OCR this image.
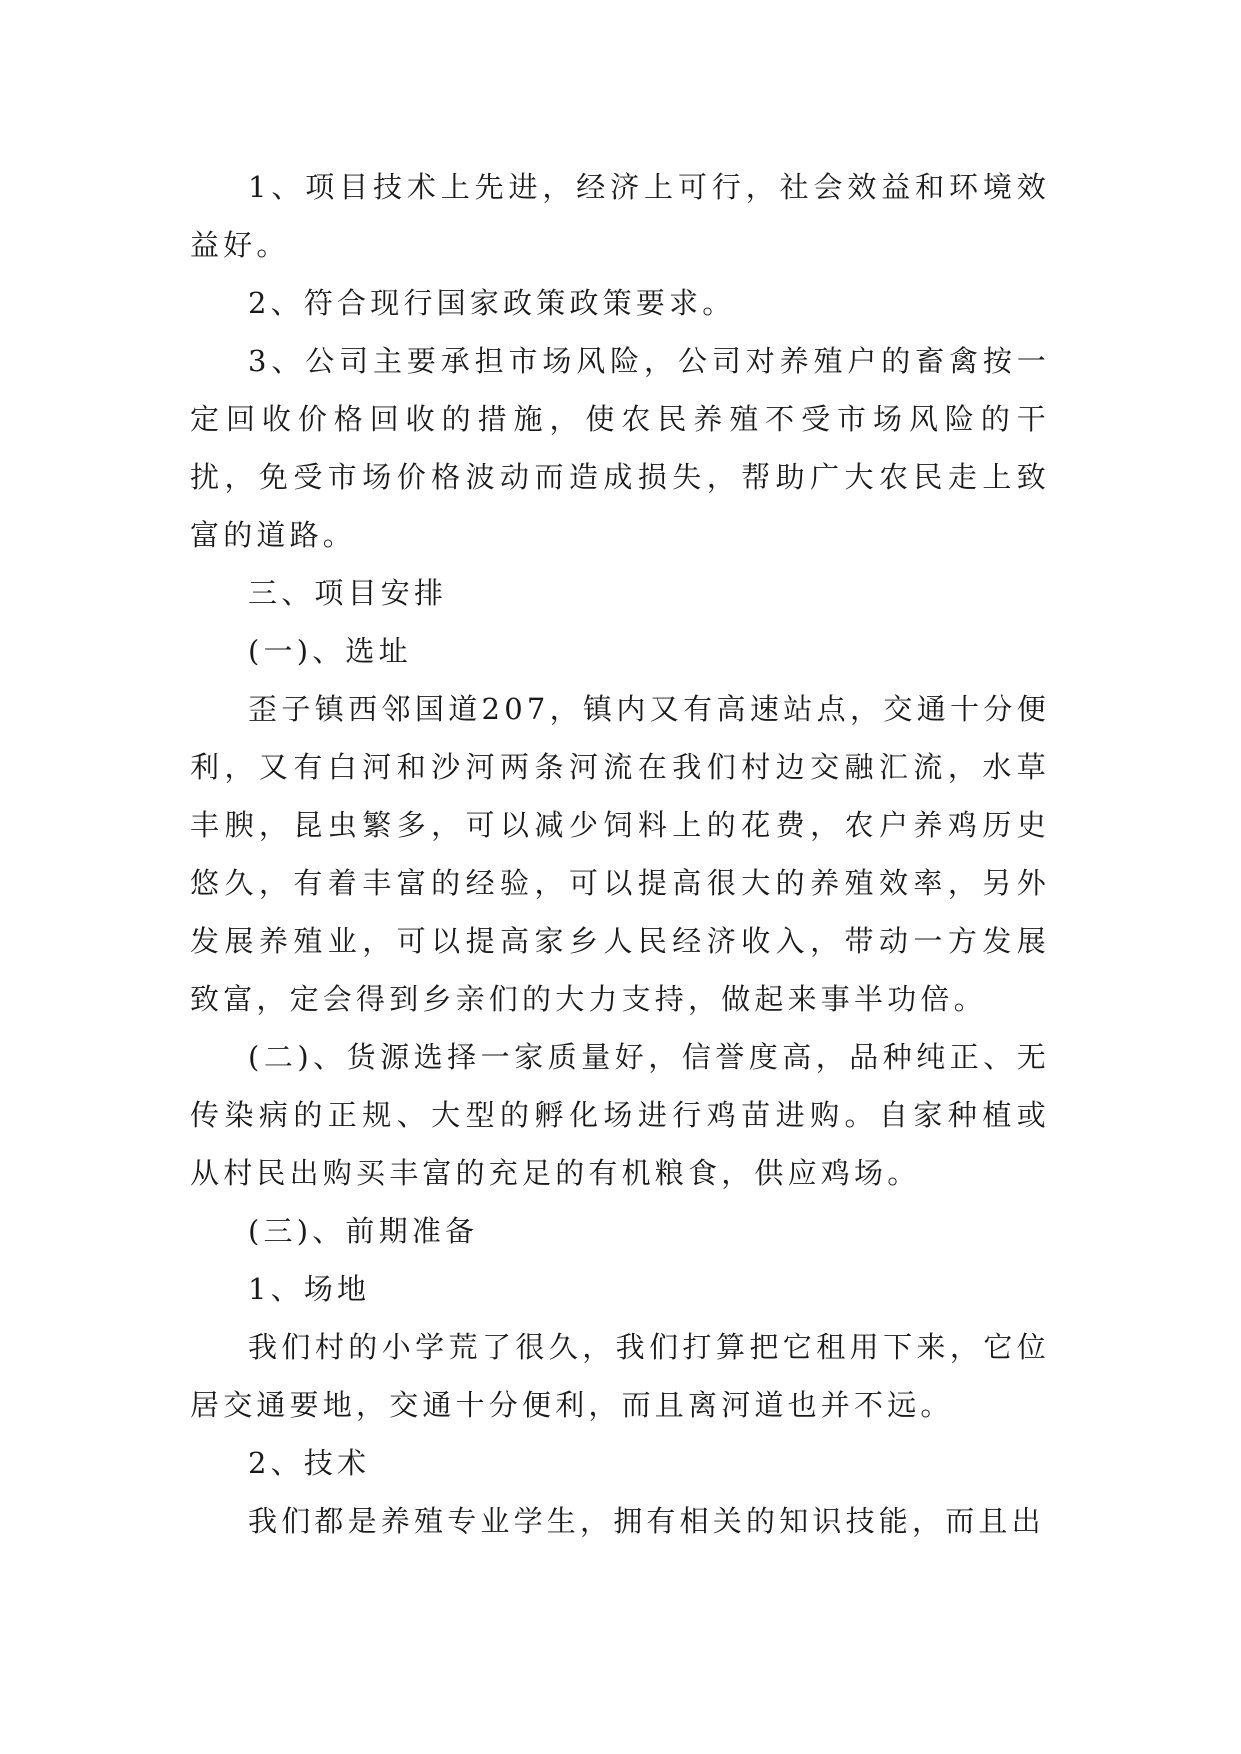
1、项目技术上先进，经济上可行，社会效益和环境效益好。

2、符合现行国家政策政策要求。

3、公司主要承担市场风险，公司对养殖户的畜禽按一定回收价格回收的措施，使农民养殖不受市场风险的干扰，免受市场价格波动而造成损失，帮助广大农民走上致富的道路。

三、项目安排

(一)、选址

歪子镇西邻国道207，镇内又有高速站点，交通十分便利，又有白河和沙河两条河流在我们村边交融汇流，水草丰腴，昆虫繁多，可以减少饲料上的花费，农户养鸡历史悠久，有着丰富的经验，可以提高很大的养殖效率，另外发展养殖业，可以提高家乡人民经济收入，带动一方发展致富，定会得到乡亲们的大力支持，做起来事半功倍。

(二)、货源选择一家质量好，信誉度高，品种纯正、无传染病的正规、大型的孵化场进行鸡苗进购。自家种植或从村民出购买丰富的充足的有机粮食，供应鸡场。

(三)、前期准备

1、场地

我们村的小学荒了很久，我们打算把它租用下来，它位居交通要地，交通十分便利，而且离河道也并不远。

2、技术

我们都是养殖专业学生，拥有相关的知识技能，而且出
